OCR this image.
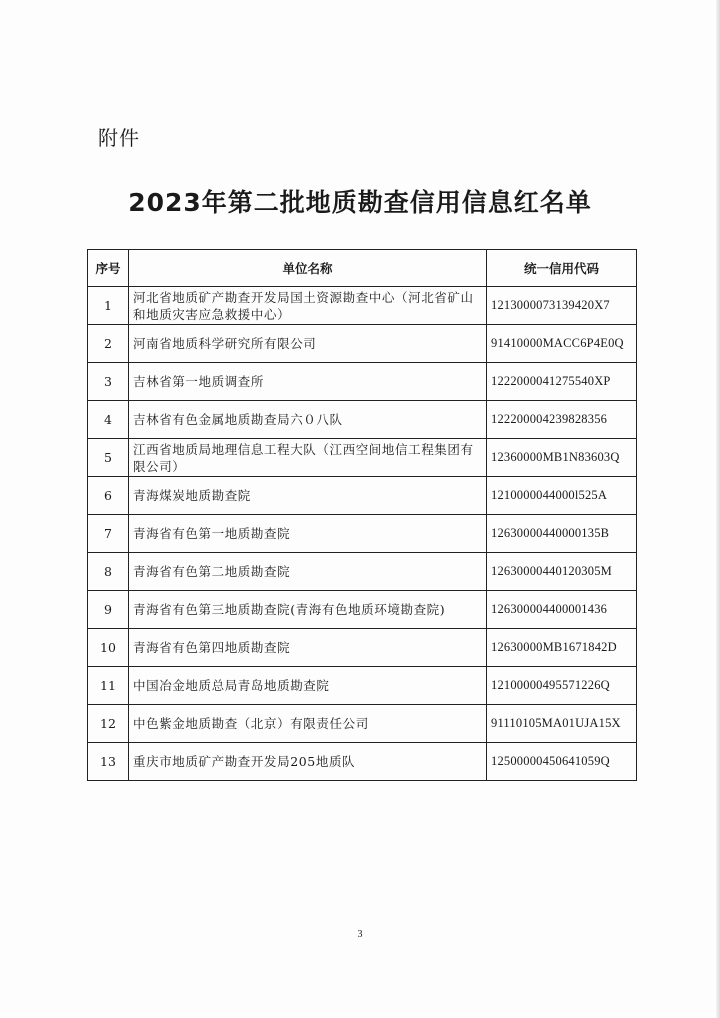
附件
2023年第二批地质勘查信用信息红名单
序号	单位名称	统一信用代码
1	河北省地质矿产勘查开发局国土资源勘查中心（河北省矿山和地质灾害应急救援中心）	1213000073139420X7
2	河南省地质科学研究所有限公司	91410000MACC6P4E0Q
3	吉林省第一地质调查所	1222000041275540XP
4	吉林省有色金属地质勘查局六０八队	122200004239828356
5	江西省地质局地理信息工程大队（江西空间地信工程集团有限公司）	12360000MB1N83603Q
6	青海煤炭地质勘查院	1210000044000l525A
7	青海省有色第一地质勘查院	12630000440000135B
8	青海省有色第二地质勘查院	12630000440120305M
9	青海省有色第三地质勘查院(青海有色地质环境勘查院)	126300004400001436
10	青海省有色第四地质勘查院	12630000MB1671842D
11	中国冶金地质总局青岛地质勘查院	12100000495571226Q
12	中色紫金地质勘查（北京）有限责任公司	91110105MA01UJA15X
13	重庆市地质矿产勘查开发局205地质队	12500000450641059Q
3
